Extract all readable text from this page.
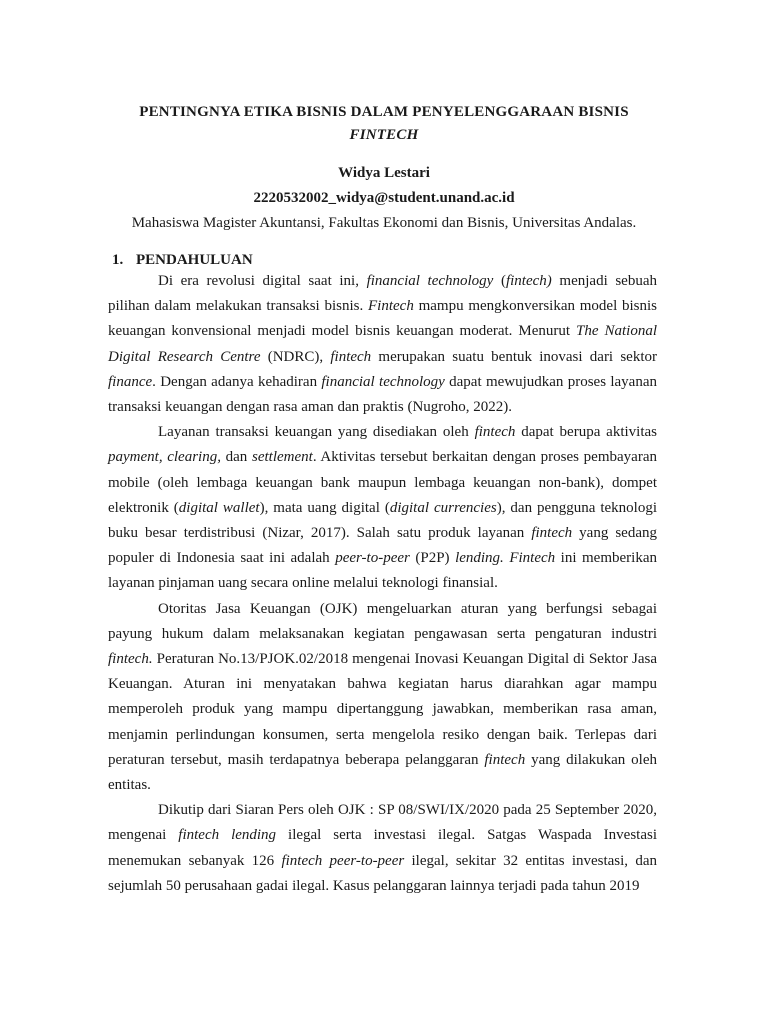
PENTINGNYA ETIKA BISNIS DALAM PENYELENGGARAAN BISNIS
FINTECH
Widya Lestari
2220532002_widya@student.unand.ac.id
Mahasiswa Magister Akuntansi, Fakultas Ekonomi dan Bisnis, Universitas Andalas.
1. PENDAHULUAN

Di era revolusi digital saat ini, financial technology (fintech) menjadi sebuah pilihan dalam melakukan transaksi bisnis. Fintech mampu mengkonversikan model bisnis keuangan konvensional menjadi model bisnis keuangan moderat. Menurut The National Digital Research Centre (NDRC), fintech merupakan suatu bentuk inovasi dari sektor finance. Dengan adanya kehadiran financial technology dapat mewujudkan proses layanan transaksi keuangan dengan rasa aman dan praktis (Nugroho, 2022).

Layanan transaksi keuangan yang disediakan oleh fintech dapat berupa aktivitas payment, clearing, dan settlement. Aktivitas tersebut berkaitan dengan proses pembayaran mobile (oleh lembaga keuangan bank maupun lembaga keuangan non-bank), dompet elektronik (digital wallet), mata uang digital (digital currencies), dan pengguna teknologi buku besar terdistribusi (Nizar, 2017). Salah satu produk layanan fintech yang sedang populer di Indonesia saat ini adalah peer-to-peer (P2P) lending. Fintech ini memberikan layanan pinjaman uang secara online melalui teknologi finansial.

Otoritas Jasa Keuangan (OJK) mengeluarkan aturan yang berfungsi sebagai payung hukum dalam melaksanakan kegiatan pengawasan serta pengaturan industri fintech. Peraturan No.13/PJOK.02/2018 mengenai Inovasi Keuangan Digital di Sektor Jasa Keuangan. Aturan ini menyatakan bahwa kegiatan harus diarahkan agar mampu memperoleh produk yang mampu dipertanggung jawabkan, memberikan rasa aman, menjamin perlindungan konsumen, serta mengelola resiko dengan baik. Terlepas dari peraturan tersebut, masih terdapatnya beberapa pelanggaran fintech yang dilakukan oleh entitas.

Dikutip dari Siaran Pers oleh OJK : SP 08/SWI/IX/2020 pada 25 September 2020, mengenai fintech lending ilegal serta investasi ilegal. Satgas Waspada Investasi menemukan sebanyak 126 fintech peer-to-peer ilegal, sekitar 32 entitas investasi, dan sejumlah 50 perusahaan gadai ilegal. Kasus pelanggaran lainnya terjadi pada tahun 2019
